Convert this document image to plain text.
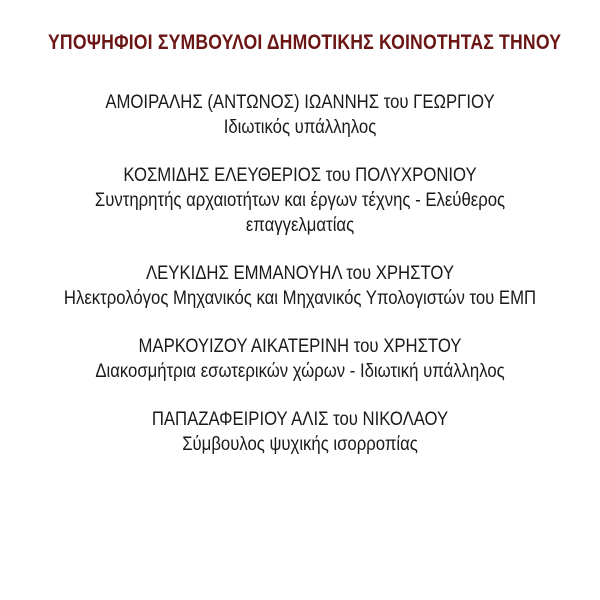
ΥΠΟΨΗΦΙΟΙ ΣΥΜΒΟΥΛΟΙ ΔΗΜΟΤΙΚΗΣ ΚΟΙΝΟΤΗΤΑΣ ΤΗΝΟΥ
ΑΜΟΙΡΑΛΗΣ (ΑΝΤΩΝΟΣ) ΙΩΑΝΝΗΣ του ΓΕΩΡΓΙΟΥ
Ιδιωτικός υπάλληλος
ΚΟΣΜΙΔΗΣ ΕΛΕΥΘΕΡΙΟΣ του ΠΟΛΥΧΡΟΝΙΟΥ
Συντηρητής αρχαιοτήτων και έργων τέχνης - Ελεύθερος επαγγελματίας
ΛΕΥΚΙΔΗΣ ΕΜΜΑΝΟΥΗΛ του ΧΡΗΣΤΟΥ
Ηλεκτρολόγος Μηχανικός και Μηχανικός Υπολογιστών του ΕΜΠ
ΜΑΡΚΟΥΙΖΟΥ ΑΙΚΑΤΕΡΙΝΗ του ΧΡΗΣΤΟΥ
Διακοσμήτρια εσωτερικών χώρων - Ιδιωτική υπάλληλος
ΠΑΠΑΖΑΦΕΙΡΙΟΥ ΑΛΙΣ του ΝΙΚΟΛΑΟΥ
Σύμβουλος ψυχικής ισορροπίας
